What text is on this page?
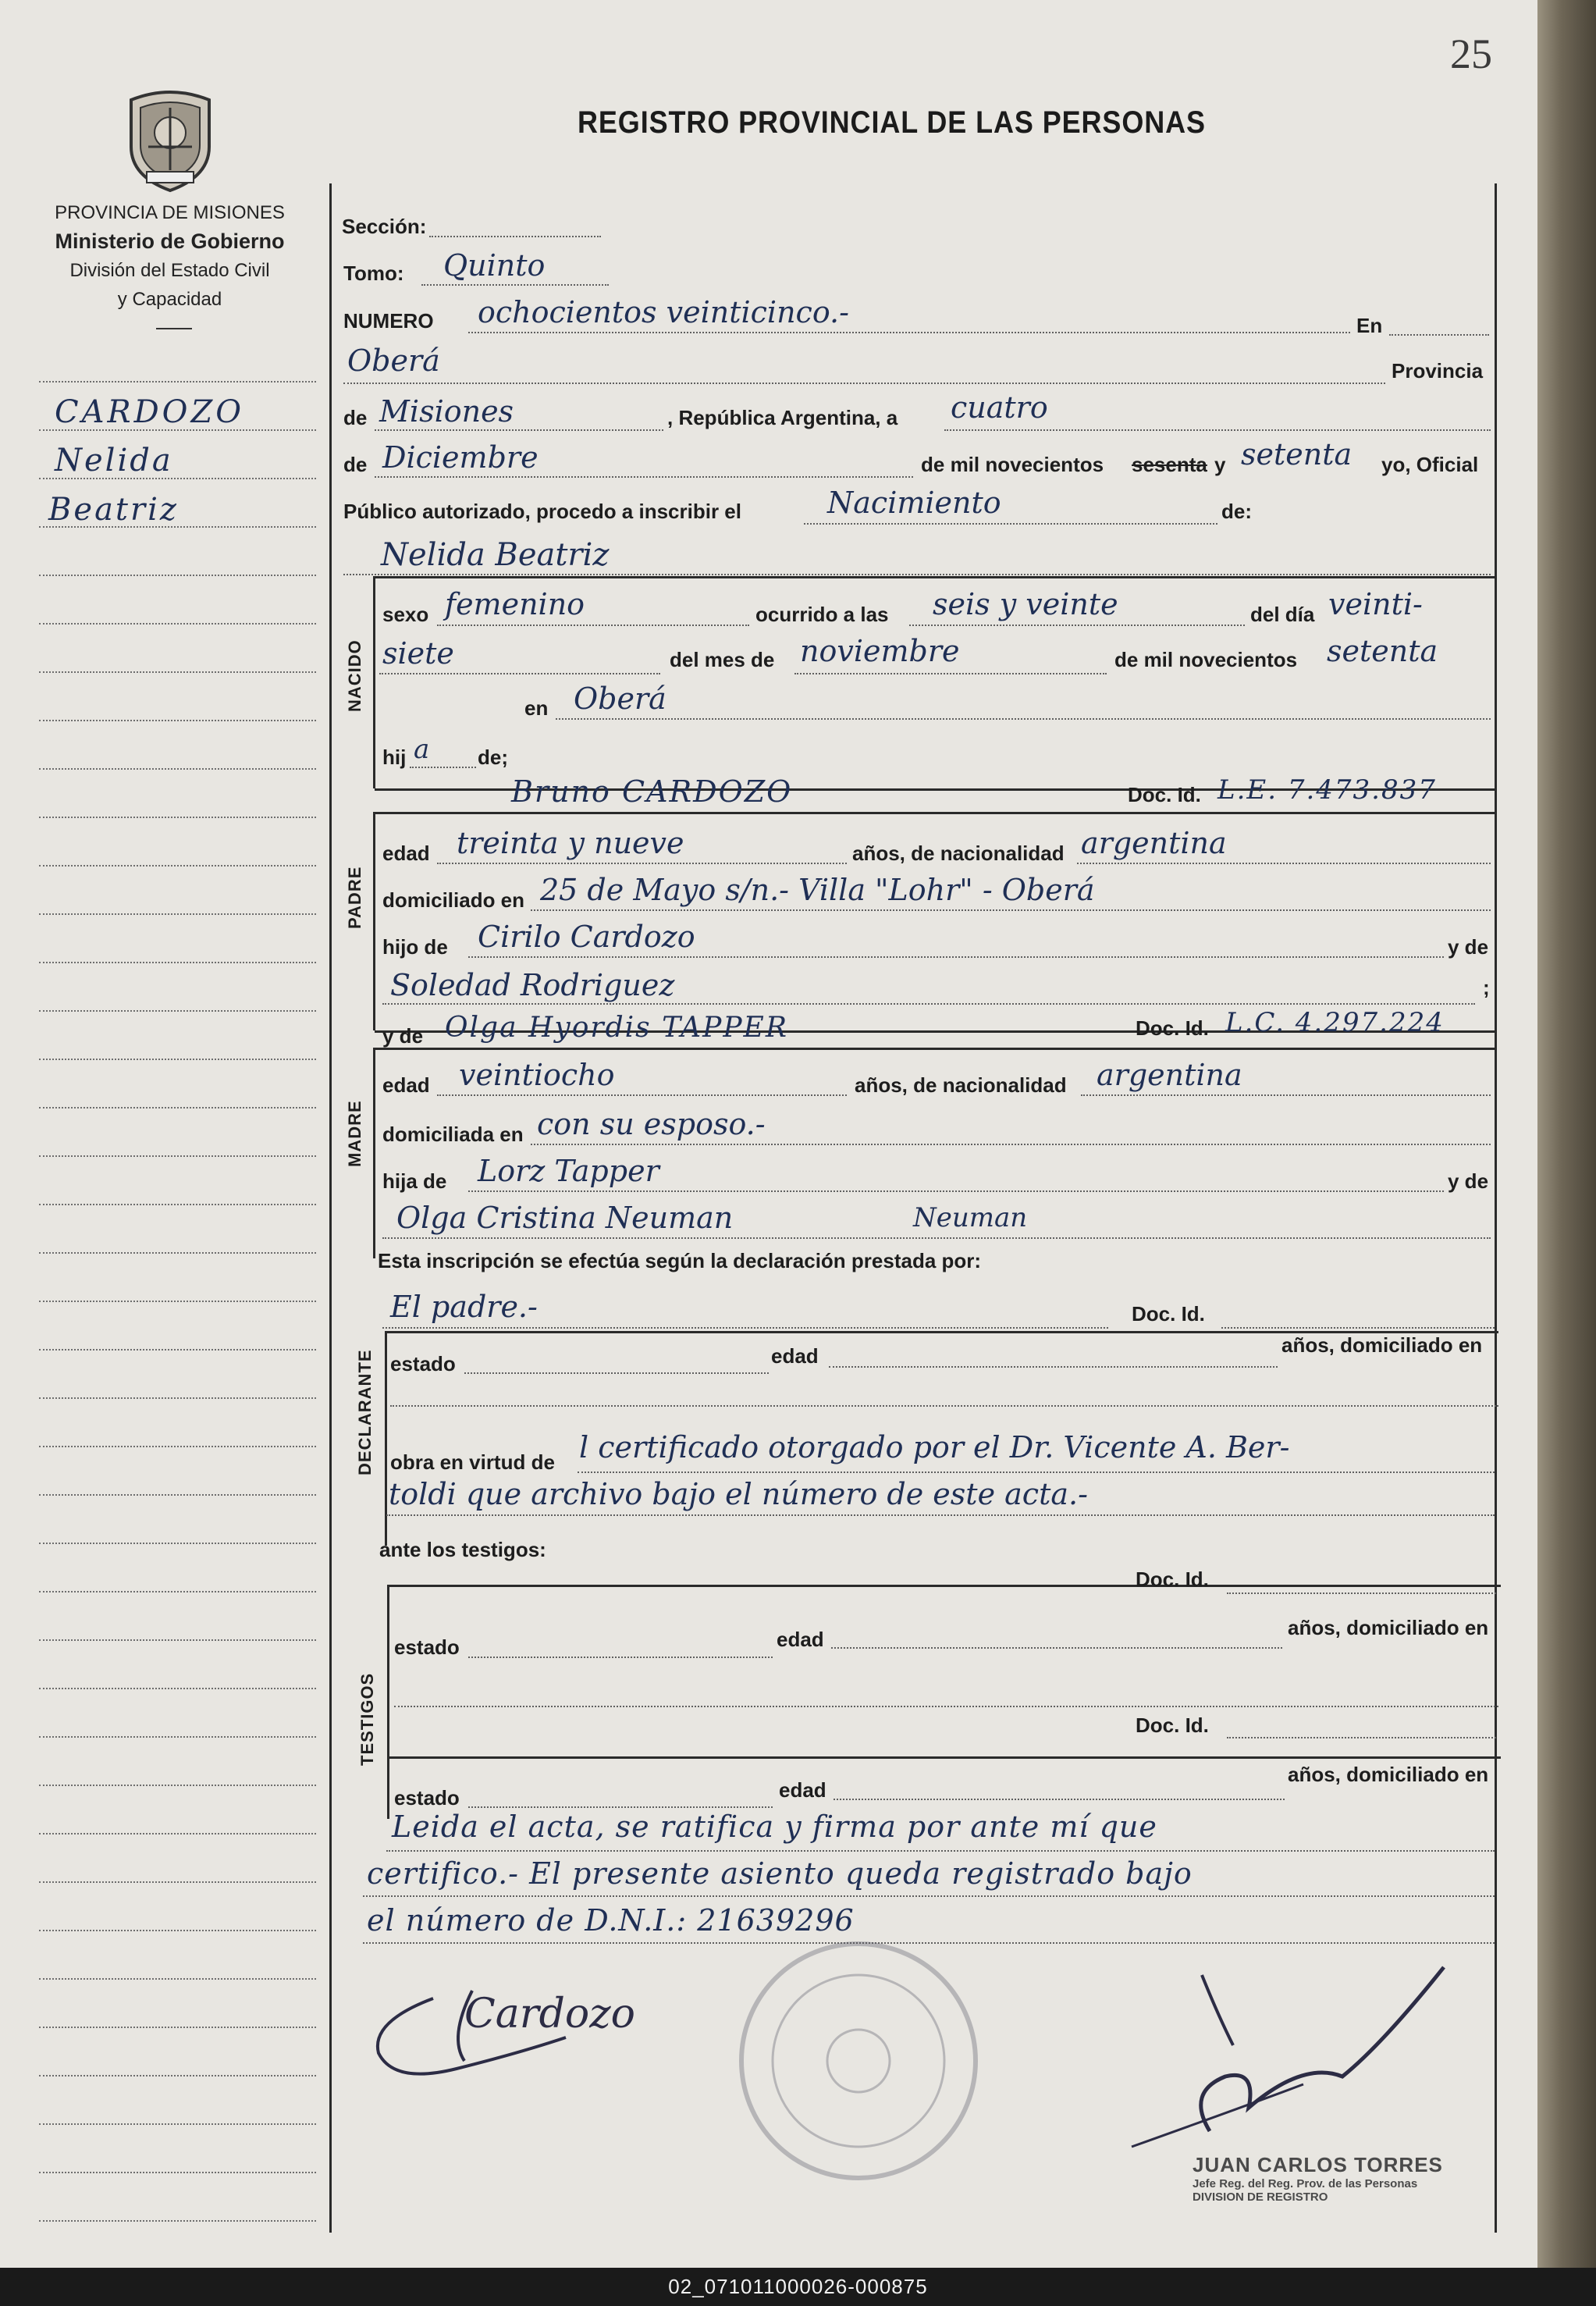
25
REGISTRO PROVINCIAL DE LAS PERSONAS
PROVINCIA DE MISIONES
Ministerio de Gobierno
División del Estado Civil
y Capacidad
CARDOZO
Nelida
Beatriz
Sección:
Tomo: Quinto
NUMERO ochocientos veinticinco.-	En
Oberá	Provincia
de Misiones	, República Argentina, a cuatro
de Diciembre	de mil novecientos sesenta y setenta yo, Oficial
Público autorizado, procedo a inscribir el	Nacimiento	de:
Nelida Beatriz
NACIDO
sexo femenino	ocurrido a las seis y veinte	del día veinti-
siete	del mes de noviembre	de mil novecientos setenta
en Oberá
hij a de;
Bruno CARDOZO	Doc. Id. L.E. 7.473.837
PADRE
edad treinta y nueve	años, de nacionalidad argentina
domiciliado en 25 de Mayo s/n.- Villa "Lohr" - Oberá
hijo de Cirilo Cardozo	y de
Soledad Rodriguez	;
y de Olga Hyordis TAPPER	Doc. Id. L.C. 4.297.224
MADRE
edad veintiocho	años, de nacionalidad argentina
domiciliada en con su esposo.-
hija de Lorz Tapper	y de
Olga Cristina Neuman	Neuman
Esta inscripción se efectúa según la declaración prestada por:
El padre.-	Doc. Id.
DECLARANTE estado	edad	años, domiciliado en
obra en virtud de l certificado otorgado por el Dr. Vicente A. Ber-
toldi que archivo bajo el número de este acta.-
ante los testigos:
TESTIGOS
Doc. Id.
estado	edad	años, domiciliado en
Doc. Id.
estado	edad
años, domiciliado en
Leida el acta, se ratifica y firma por ante mí que
certifico.- El presente asiento queda registrado bajo
el número de D.N.I.: 21639296
Cardozo
JUAN CARLOS TORRES
Jefe Reg. del Reg. Prov. de las Personas
DIVISION DE REGISTRO
02_071011000026-000875
